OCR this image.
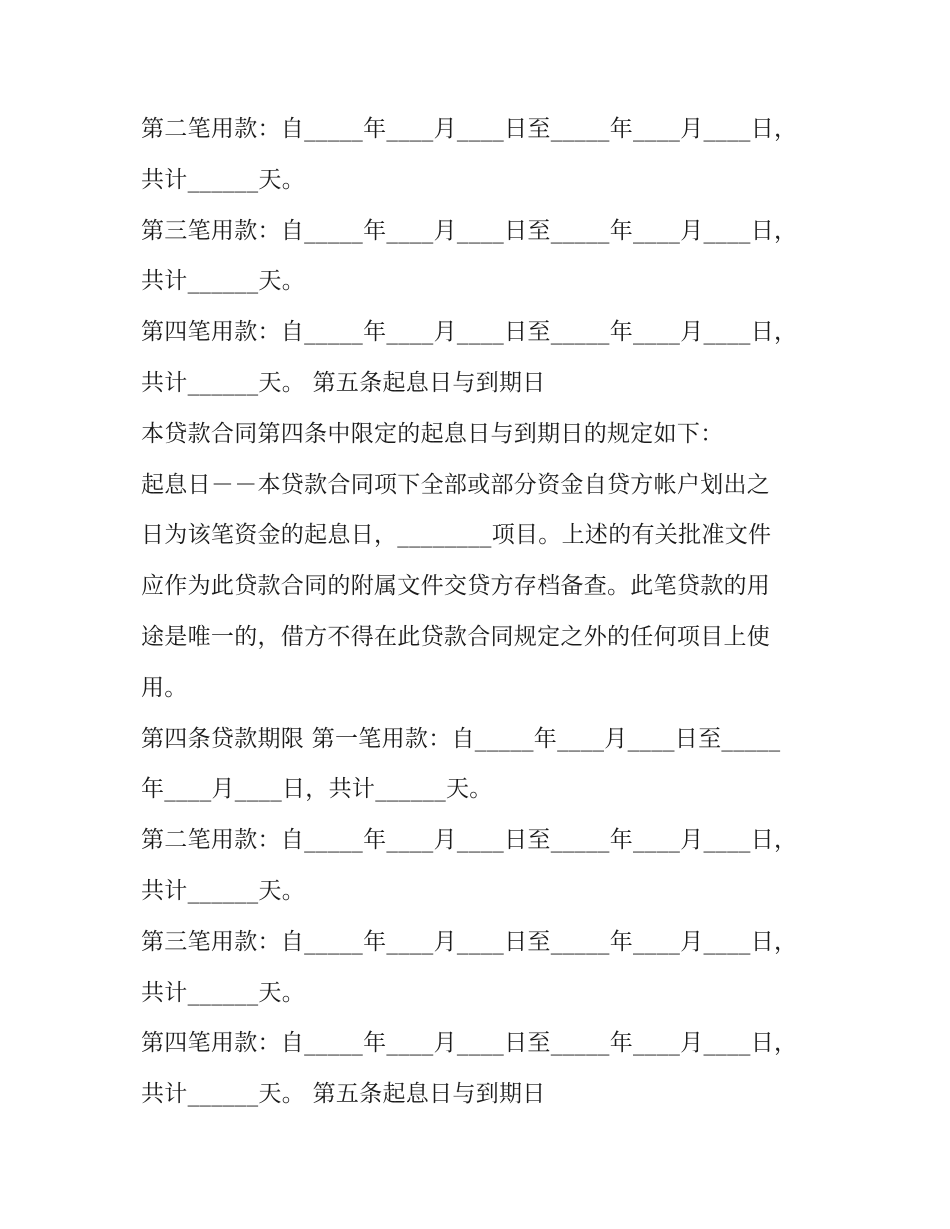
第二笔用款：自_____年____月____日至_____年____月____日，
共计______天。
第三笔用款：自_____年____月____日至_____年____月____日，
共计______天。
第四笔用款：自_____年____月____日至_____年____月____日，
共计______天。 第五条起息日与到期日
本贷款合同第四条中限定的起息日与到期日的规定如下：
起息日－－本贷款合同项下全部或部分资金自贷方帐户划出之
日为该笔资金的起息日，________项目。上述的有关批准文件
应作为此贷款合同的附属文件交贷方存档备查。此笔贷款的用
途是唯一的，借方不得在此贷款合同规定之外的任何项目上使
用。
第四条贷款期限 第一笔用款：自_____年____月____日至_____
年____月____日，共计______天。
第二笔用款：自_____年____月____日至_____年____月____日，
共计______天。
第三笔用款：自_____年____月____日至_____年____月____日，
共计______天。
第四笔用款：自_____年____月____日至_____年____月____日，
共计______天。 第五条起息日与到期日
